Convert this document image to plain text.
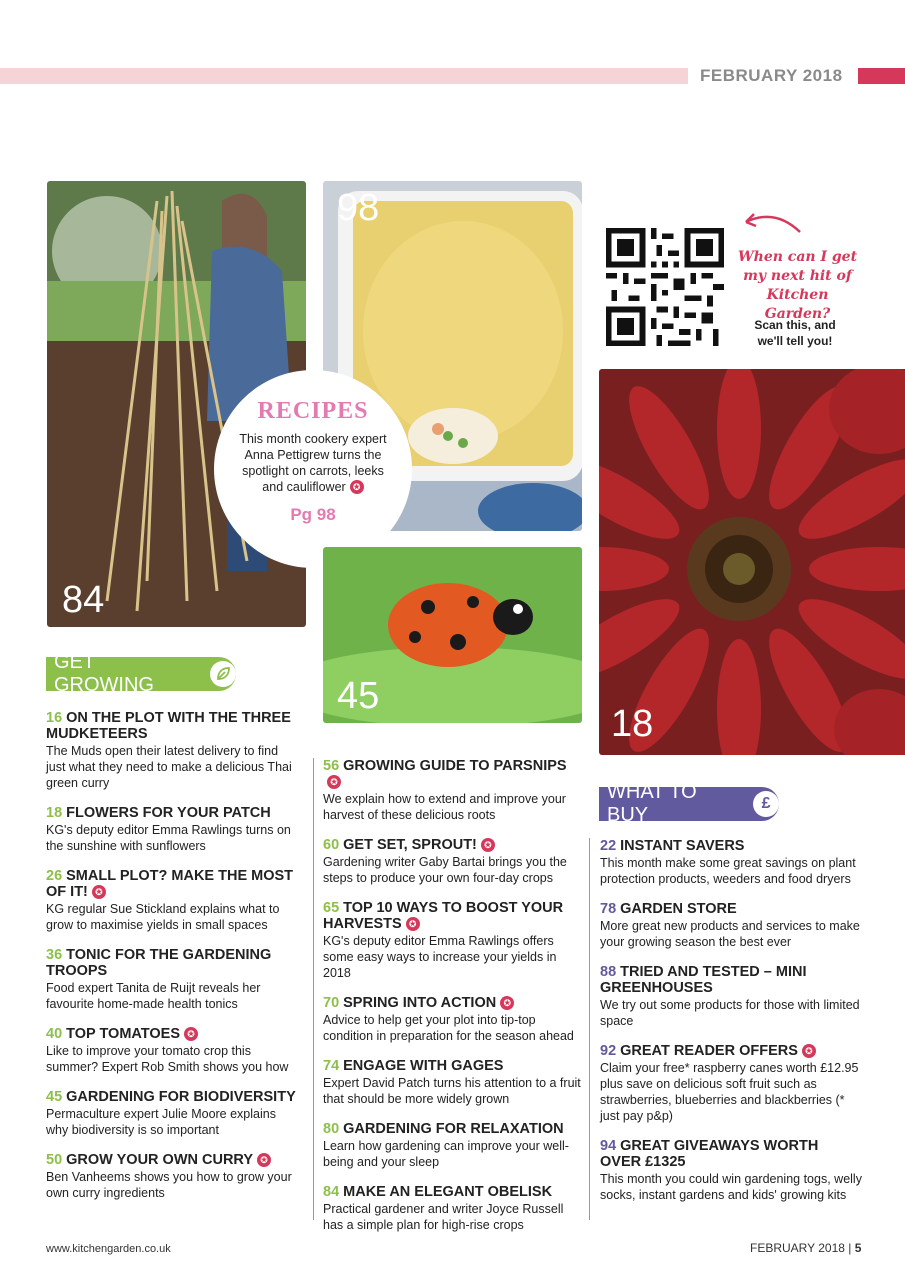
FEBRUARY 2018
84
98
RECIPES
This month cookery expert Anna Pettigrew turns the spotlight on carrots, leeks and cauliflower ✪
Pg 98
45
When can I get my next hit of Kitchen Garden?
Scan this, and we'll tell you!
18
GET GROWING
WHAT TO BUY
£
16 ON THE PLOT WITH THE THREE MUDKETEERS
The Muds open their latest delivery to find just what they need to make a delicious Thai green curry
18 FLOWERS FOR YOUR PATCH
KG's deputy editor Emma Rawlings turns on the sunshine with sunflowers
26 SMALL PLOT? MAKE THE MOST OF IT! ✪
KG regular Sue Stickland explains what to grow to maximise yields in small spaces
36 TONIC FOR THE GARDENING TROOPS
Food expert Tanita de Ruijt reveals her favourite home-made health tonics
40 TOP TOMATOES ✪
Like to improve your tomato crop this summer? Expert Rob Smith shows you how
45 GARDENING FOR BIODIVERSITY
Permaculture expert Julie Moore explains why biodiversity is so important
50 GROW YOUR OWN CURRY ✪
Ben Vanheems shows you how to grow your own curry ingredients
56 GROWING GUIDE TO PARSNIPS✪
We explain how to extend and improve your harvest of these delicious roots
60 GET SET, SPROUT! ✪
Gardening writer Gaby Bartai brings you the steps to produce your own four-day crops
65 TOP 10 WAYS TO BOOST YOUR HARVESTS ✪
KG's deputy editor Emma Rawlings offers some easy ways to increase your yields in 2018
70 SPRING INTO ACTION ✪
Advice to help get your plot into tip-top condition in preparation for the season ahead
74 ENGAGE WITH GAGES
Expert David Patch turns his attention to a fruit that should be more widely grown
80 GARDENING FOR RELAXATION
Learn how gardening can improve your well-being and your sleep
84 MAKE AN ELEGANT OBELISK
Practical gardener and writer Joyce Russell has a simple plan for high-rise crops
22 INSTANT SAVERS
This month make some great savings on plant protection products, weeders and food dryers
78 GARDEN STORE
More great new products and services to make your growing season the best ever
88 TRIED AND TESTED – MINI GREENHOUSES
We try out some products for those with limited space
92 GREAT READER OFFERS ✪
Claim your free* raspberry canes worth £12.95 plus save on delicious soft fruit such as strawberries, blueberries and blackberries (* just pay p&p)
94 GREAT GIVEAWAYS WORTH OVER £1325
This month you could win gardening togs, welly socks, instant gardens and kids' growing kits
www.kitchengarden.co.uk	FEBRUARY 2018 | 5
